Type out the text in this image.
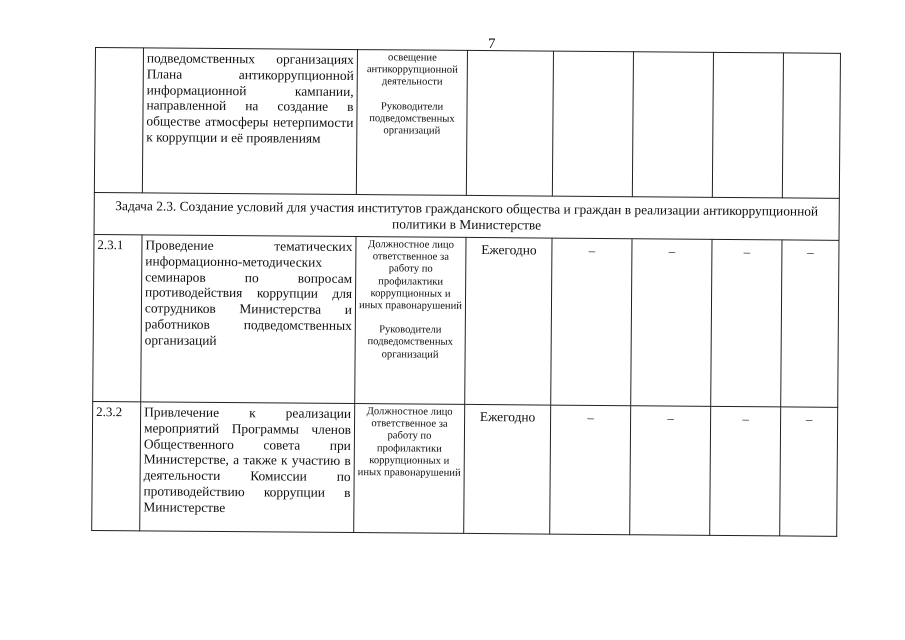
7
	подведомственных организациях Плана антикоррупционной информационной кампании, направленной на создание в обществе атмосферы нетерпимости к коррупции и её проявлениям	освещение антикоррупционной деятельности
Руководители подведомственных организаций					

Задача 2.3. Создание условий для участия институтов гражданского общества и граждан в реализации антикоррупционной политики в Министерстве							
2.3.1	Проведение тематических информационно-методических семинаров по вопросам противодействия коррупции для сотрудников Министерства и работников подведомственных организаций	Должностное лицо ответственное за работу по профилактики коррупционных и иных правонарушений
Руководители подведомственных организаций	Ежегодно	–	–	–	–
2.3.2	Привлечение к реализации мероприятий Программы членов Общественного совета при Министерстве, а также к участию в деятельности Комиссии по противодействию коррупции в Министерстве	Должностное лицо ответственное за работу по профилактики коррупционных и иных правонарушений	Ежегодно	–	–	–	–
